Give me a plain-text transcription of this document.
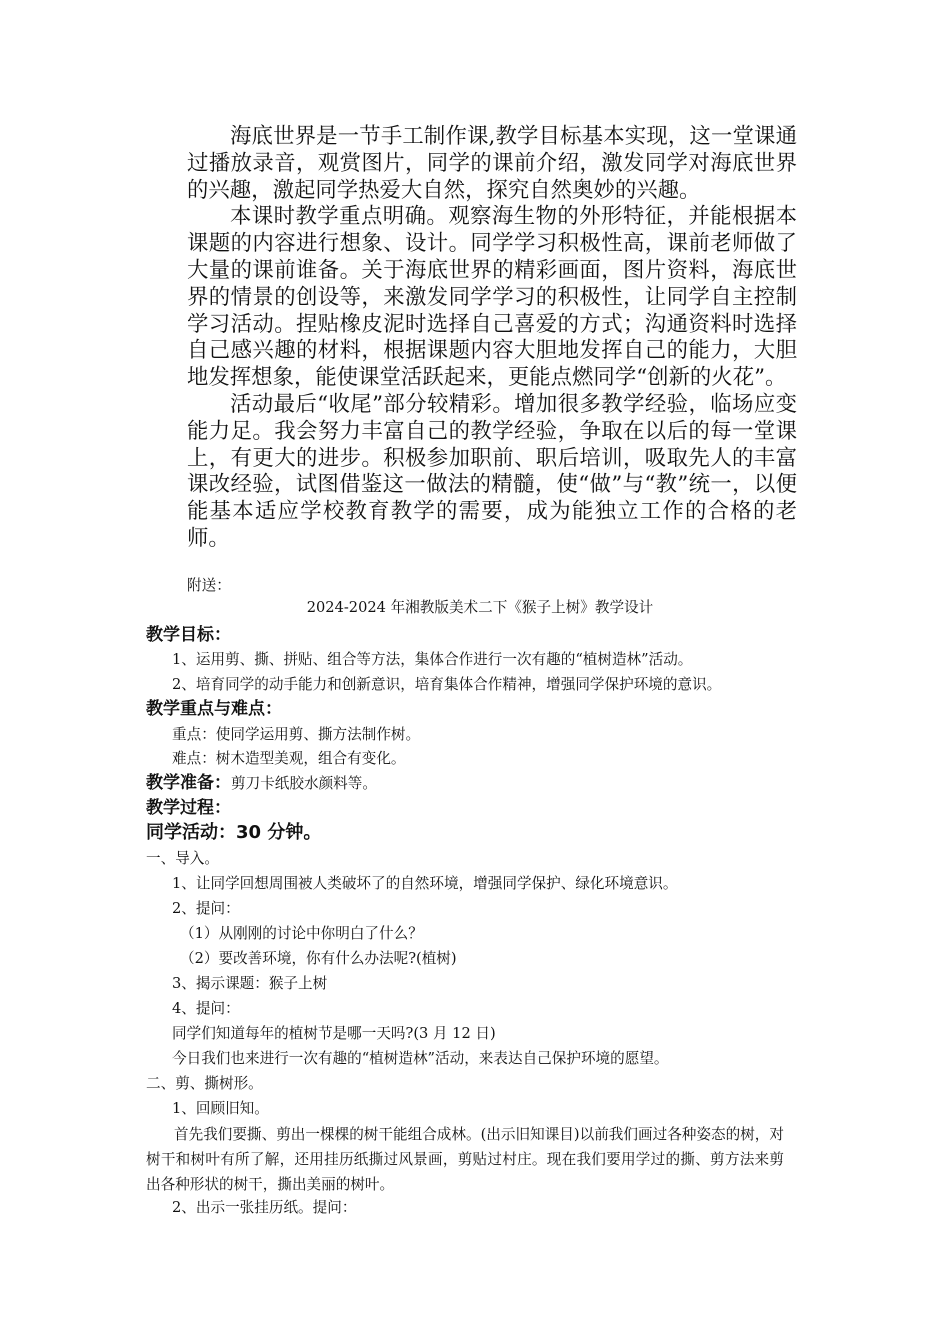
海底世界是一节手工制作课,教学目标基本实现，这一堂课通过播放录音，观赏图片，同学的课前介绍，激发同学对海底世界的兴趣，激起同学热爱大自然，探究自然奥妙的兴趣。

本课时教学重点明确。观察海生物的外形特征，并能根据本课题的内容进行想象、设计。同学学习积极性高，课前老师做了大量的课前谁备。关于海底世界的精彩画面，图片资料，海底世界的情景的创设等，来激发同学学习的积极性，让同学自主控制学习活动。捏贴橡皮泥时选择自己喜爱的方式；沟通资料时选择自己感兴趣的材料，根据课题内容大胆地发挥自己的能力，大胆地发挥想象，能使课堂活跃起来，更能点燃同学“创新的火花”。

活动最后“收尾”部分较精彩。增加很多教学经验，临场应变能力足。我会努力丰富自己的教学经验，争取在以后的每一堂课上，有更大的进步。积极参加职前、职后培训，吸取先人的丰富课改经验，试图借鉴这一做法的精髓，使“做”与“教”统一，以便能基本适应学校教育教学的需要，成为能独立工作的合格的老师。

附送：
2024-2024 年湘教版美术二下《猴子上树》教学设计
教学目标：
1、运用剪、撕、拼贴、组合等方法，集体合作进行一次有趣的“植树造林”活动。
2、培育同学的动手能力和创新意识，培育集体合作精神，增强同学保护环境的意识。
教学重点与难点：
重点：使同学运用剪、撕方法制作树。
难点：树木造型美观，组合有变化。
教学准备：剪刀卡纸胶水颜料等。
教学过程：
同学活动：30 分钟。
一、导入。
1、让同学回想周围被人类破坏了的自然环境，增强同学保护、绿化环境意识。
2、提问：
（1）从刚刚的讨论中你明白了什么？
（2）要改善环境，你有什么办法呢?(植树)
3、揭示课题：猴子上树
4、提问：
同学们知道每年的植树节是哪一天吗?(3 月 12 日)
今日我们也来进行一次有趣的“植树造林”活动，来表达自己保护环境的愿望。
二、剪、撕树形。
1、回顾旧知。

首先我们要撕、剪出一棵棵的树干能组合成林。(出示旧知课目)以前我们画过各种姿态的树，对树干和树叶有所了解，还用挂历纸撕过风景画，剪贴过村庄。现在我们要用学过的撕、剪方法来剪出各种形状的树干，撕出美丽的树叶。

2、出示一张挂历纸。提问：
